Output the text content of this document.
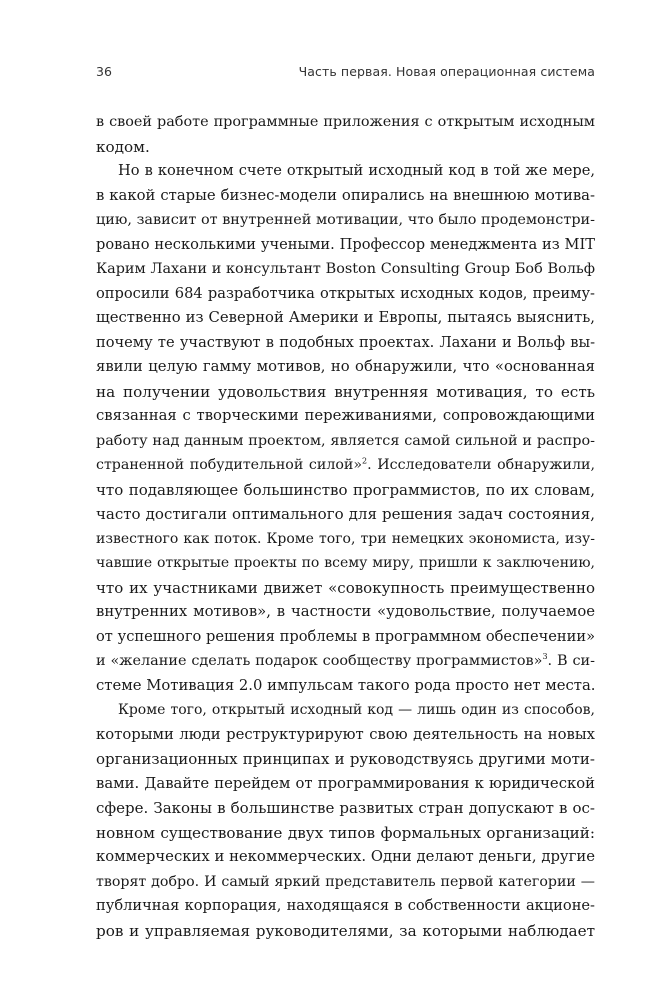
36	Часть первая. Новая операционная система

в своей работе программные приложения с открытым исходным
кодом.

Но в конечном счете открытый исходный код в той же мере,
в какой старые бизнес-модели опирались на внешнюю мотива-
цию, зависит от внутренней мотивации, что было продемонстри-
ровано несколькими учеными. Профессор менеджмента из MIT
Карим Лахани и консультант Boston Consulting Group Боб Вольф
опросили 684 разработчика открытых исходных кодов, преиму-
щественно из Северной Америки и Европы, пытаясь выяснить,
почему те участвуют в подобных проектах. Лахани и Вольф вы-
явили целую гамму мотивов, но обнаружили, что «основанная
на получении удовольствия внутренняя мотивация, то есть
связанная с творческими переживаниями, сопровождающими
работу над данным проектом, является самой сильной и распро-
страненной побудительной силой»$^2$. Исследователи обнаружили,
что подавляющее большинство программистов, по их словам,
часто достигали оптимального для решения задач состояния,
известного как поток. Кроме того, три немецких экономиста, изу-
чавшие открытые проекты по всему миру, пришли к заключению,
что их участниками движет «совокупность преимущественно
внутренних мотивов», в частности «удовольствие, получаемое
от успешного решения проблемы в программном обеспечении»
и «желание сделать подарок сообществу программистов»$^3$. В си-
стеме Мотивация 2.0 импульсам такого рода просто нет места.

Кроме того, открытый исходный код — лишь один из способов,
которыми люди реструктурируют свою деятельность на новых
организационных принципах и руководствуясь другими моти-
вами. Давайте перейдем от программирования к юридической
сфере. Законы в большинстве развитых стран допускают в ос-
новном существование двух типов формальных организаций:
коммерческих и некоммерческих. Одни делают деньги, другие
творят добро. И самый яркий представитель первой категории —
публичная корпорация, находящаяся в собственности акционе-
ров и управляемая руководителями, за которыми наблюдает
